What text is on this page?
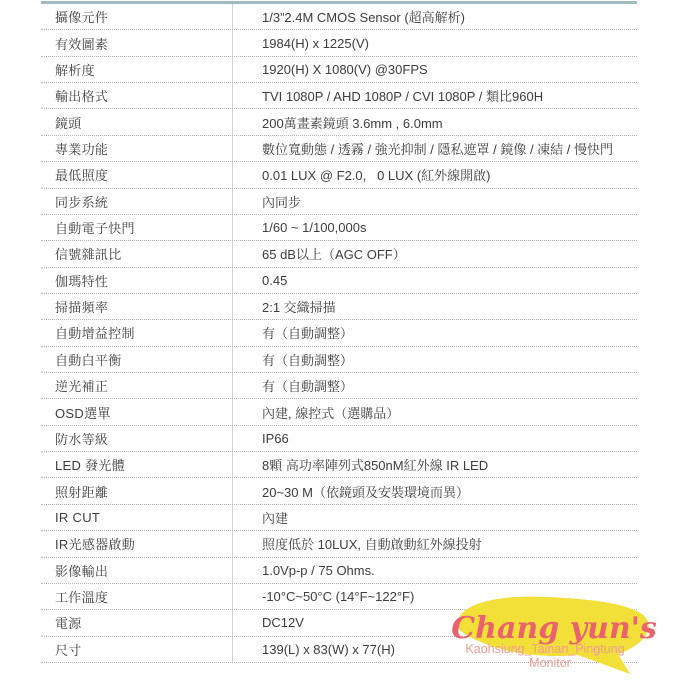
攝像元件	1/3”2.4M CMOS Sensor (超高解析)
有效圖素	1984(H) x 1225(V)
解析度	1920(H) X 1080(V) @30FPS
輸出格式	TVI 1080P / AHD 1080P / CVI 1080P / 類比960H
鏡頭	200萬畫素鏡頭 3.6mm , 6.0mm
專業功能	數位寬動態 / 透霧 / 強光抑制 / 隱私遮罩 / 鏡像 / 凍結 / 慢快門
最低照度	0.01 LUX @ F2.0,   0 LUX (紅外線開啟)
同步系統	內同步
自動電子快門	1/60 ~ 1/100,000s
信號雜訊比	65 dB以上（AGC OFF）
伽瑪特性	0.45
掃描頻率	2:1 交織掃描
自動增益控制	有（自動調整）
自動白平衡	有（自動調整）
逆光補正	有（自動調整）
OSD選單	內建, 線控式（選購品）
防水等級	IP66
LED 發光體	8顆 高功率陣列式850nM紅外線 IR LED
照射距離	20~30 M（依鏡頭及安裝環境而異）
IR CUT	內建
IR光感器啟動	照度低於 10LUX, 自動啟動紅外線投射
影像輸出	1.0Vp-p / 75 Ohms.
工作溫度	-10°C~50°C (14°F~122°F)
電源	DC12V
尺寸	139(L) x 83(W) x 77(H)
Chang yun's
Kaohsiung_Tainan_Pingtung
Monitor
